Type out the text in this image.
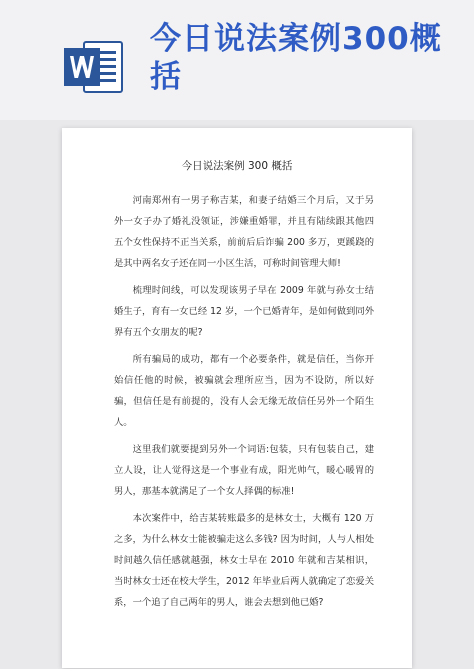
今日说法案例300概括
今日说法案例 300 概括

河南郑州有一男子称吉某，和妻子结婚三个月后，又于另外一女子办了婚礼没领证，涉嫌重婚罪，并且有陆续跟其他四五个女性保持不正当关系，前前后后诈骗 200 多万，更蹊跷的是其中两名女子还在同一小区生活，可称时间管理大师!

梳理时间线，可以发现该男子早在 2009 年就与孙女士结婚生子，育有一女已经 12 岁，一个已婚青年，是如何做到同外界有五个女朋友的呢?

所有骗局的成功，都有一个必要条件，就是信任，当你开始信任他的时候，被骗就会理所应当，因为不设防，所以好骗，但信任是有前提的，没有人会无缘无故信任另外一个陌生人。

这里我们就要提到另外一个词语:包装，只有包装自己，建立人设，让人觉得这是一个事业有成，阳光帅气，暖心暖胃的男人，那基本就满足了一个女人择偶的标准!

本次案件中，给吉某转账最多的是林女士，大概有 120 万之多，为什么林女士能被骗走这么多钱? 因为时间，人与人相处时间越久信任感就越强，林女士早在 2010 年就和吉某相识，当时林女士还在校大学生，2012 年毕业后两人就确定了恋爱关系，一个追了自己两年的男人，谁会去想到他已婚?
